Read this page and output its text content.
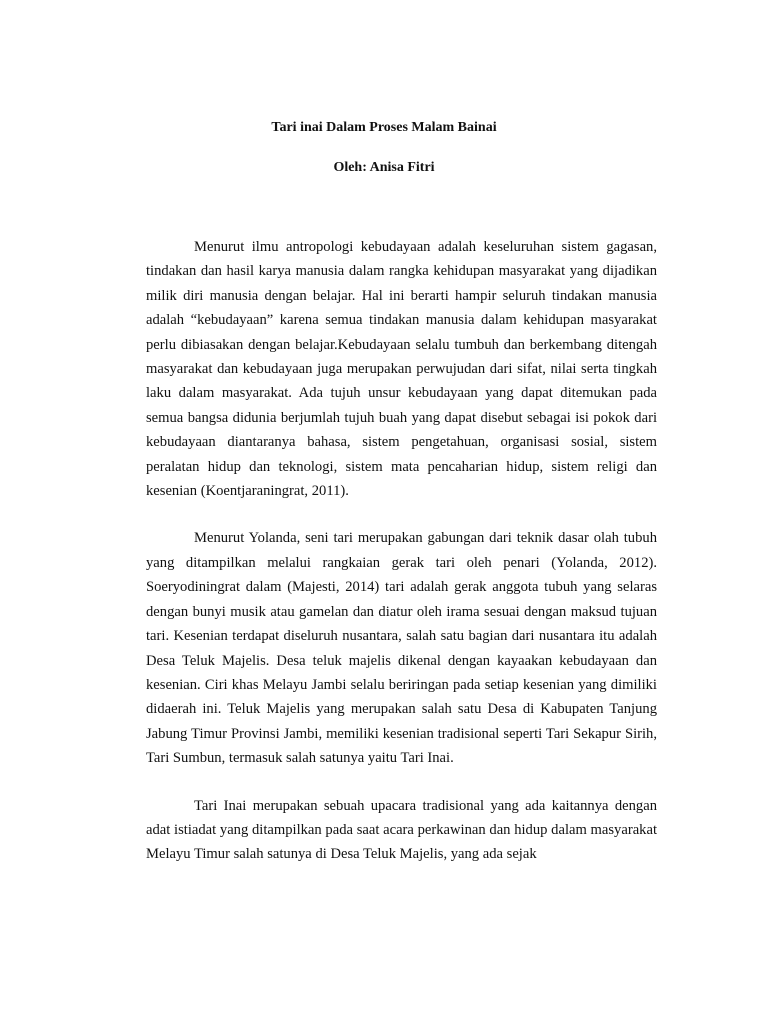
Tari inai Dalam Proses Malam Bainai

Oleh: Anisa Fitri

Menurut ilmu antropologi kebudayaan adalah keseluruhan sistem gagasan, tindakan dan hasil karya manusia dalam rangka kehidupan masyarakat yang dijadikan milik diri manusia dengan belajar. Hal ini berarti hampir seluruh tindakan manusia adalah “kebudayaan” karena semua tindakan manusia dalam kehidupan masyarakat perlu dibiasakan dengan belajar.Kebudayaan selalu tumbuh dan berkembang ditengah masyarakat dan kebudayaan juga merupakan perwujudan dari sifat, nilai serta tingkah laku dalam masyarakat. Ada tujuh unsur kebudayaan yang dapat ditemukan pada semua bangsa didunia berjumlah tujuh buah yang dapat disebut sebagai isi pokok dari kebudayaan diantaranya bahasa, sistem pengetahuan, organisasi sosial, sistem peralatan hidup dan teknologi, sistem mata pencaharian hidup, sistem religi dan kesenian (Koentjaraningrat, 2011).

Menurut Yolanda, seni tari merupakan gabungan dari teknik dasar olah tubuh yang ditampilkan melalui rangkaian gerak tari oleh penari (Yolanda, 2012). Soeryodiningrat dalam (Majesti, 2014) tari adalah gerak anggota tubuh yang selaras dengan bunyi musik atau gamelan dan diatur oleh irama sesuai dengan maksud tujuan tari. Kesenian terdapat diseluruh nusantara, salah satu bagian dari nusantara itu adalah Desa Teluk Majelis. Desa teluk majelis dikenal dengan kayaakan kebudayaan dan kesenian. Ciri khas Melayu Jambi selalu beriringan pada setiap kesenian yang dimiliki didaerah ini. Teluk Majelis yang merupakan salah satu Desa di Kabupaten Tanjung Jabung Timur Provinsi Jambi, memiliki kesenian tradisional seperti Tari Sekapur Sirih, Tari Sumbun, termasuk salah satunya yaitu Tari Inai.

Tari Inai merupakan sebuah upacara tradisional yang ada kaitannya dengan adat istiadat yang ditampilkan pada saat acara perkawinan dan hidup dalam masyarakat Melayu Timur salah satunya di Desa Teluk Majelis, yang ada sejak
